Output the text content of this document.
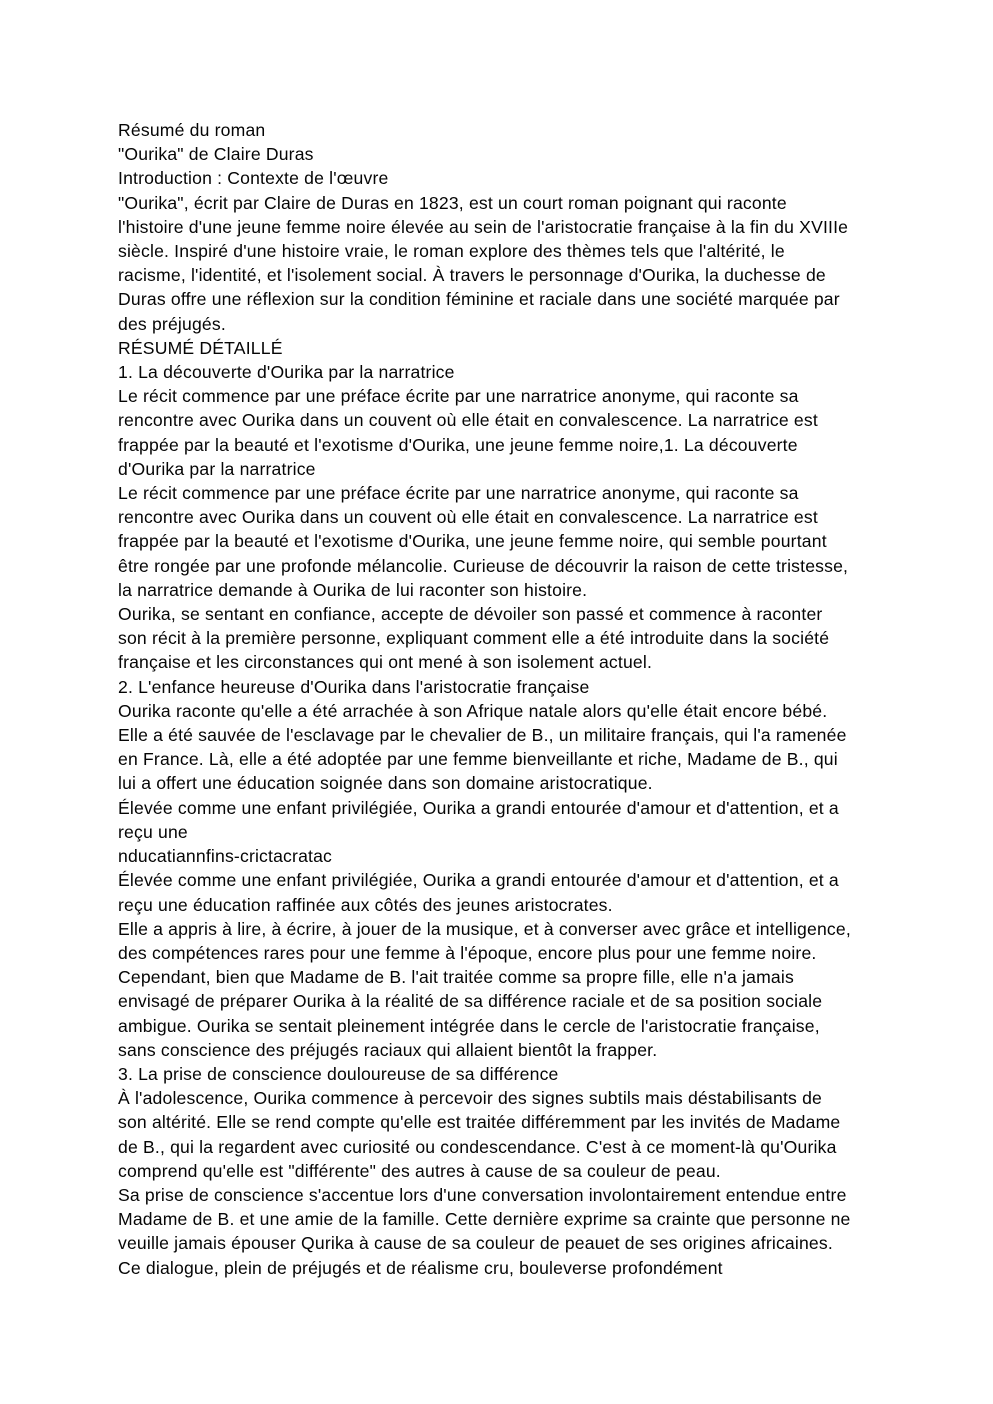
Résumé du roman
"Ourika" de Claire Duras
Introduction : Contexte de l'œuvre
"Ourika", écrit par Claire de Duras en 1823, est un court roman poignant qui raconte
l'histoire d'une jeune femme noire élevée au sein de l'aristocratie française à la fin du XVIIIe
siècle. Inspiré d'une histoire vraie, le roman explore des thèmes tels que l'altérité, le
racisme, l'identité, et l'isolement social. À travers le personnage d'Ourika, la duchesse de
Duras offre une réflexion sur la condition féminine et raciale dans une société marquée par
des préjugés.
RÉSUMÉ DÉTAILLÉ
1. La découverte d'Ourika par la narratrice
Le récit commence par une préface écrite par une narratrice anonyme, qui raconte sa
rencontre avec Ourika dans un couvent où elle était en convalescence. La narratrice est
frappée par la beauté et l'exotisme d'Ourika, une jeune femme noire,1. La découverte
d'Ourika par la narratrice
Le récit commence par une préface écrite par une narratrice anonyme, qui raconte sa
rencontre avec Ourika dans un couvent où elle était en convalescence. La narratrice est
frappée par la beauté et l'exotisme d'Ourika, une jeune femme noire, qui semble pourtant
être rongée par une profonde mélancolie. Curieuse de découvrir la raison de cette tristesse,
la narratrice demande à Ourika de lui raconter son histoire.
Ourika, se sentant en confiance, accepte de dévoiler son passé et commence à raconter
son récit à la première personne, expliquant comment elle a été introduite dans la société
française et les circonstances qui ont mené à son isolement actuel.
2. L'enfance heureuse d'Ourika dans l'aristocratie française
Ourika raconte qu'elle a été arrachée à son Afrique natale alors qu'elle était encore bébé.
Elle a été sauvée de l'esclavage par le chevalier de B., un militaire français, qui l'a ramenée
en France. Là, elle a été adoptée par une femme bienveillante et riche, Madame de B., qui
lui a offert une éducation soignée dans son domaine aristocratique.
Élevée comme une enfant privilégiée, Ourika a grandi entourée d'amour et d'attention, et a
reçu une
nducatiannfins-crictacratac
Élevée comme une enfant privilégiée, Ourika a grandi entourée d'amour et d'attention, et a
reçu une éducation raffinée aux côtés des jeunes aristocrates.
Elle a appris à lire, à écrire, à jouer de la musique, et à converser avec grâce et intelligence,
des compétences rares pour une femme à l'époque, encore plus pour une femme noire.
Cependant, bien que Madame de B. l'ait traitée comme sa propre fille, elle n'a jamais
envisagé de préparer Ourika à la réalité de sa différence raciale et de sa position sociale
ambigue. Ourika se sentait pleinement intégrée dans le cercle de l'aristocratie française,
sans conscience des préjugés raciaux qui allaient bientôt la frapper.
3. La prise de conscience douloureuse de sa différence
À l'adolescence, Ourika commence à percevoir des signes subtils mais déstabilisants de
son altérité. Elle se rend compte qu'elle est traitée différemment par les invités de Madame
de B., qui la regardent avec curiosité ou condescendance. C'est à ce moment-là qu'Ourika
comprend qu'elle est "différente" des autres à cause de sa couleur de peau.
Sa prise de conscience s'accentue lors d'une conversation involontairement entendue entre
Madame de B. et une amie de la famille. Cette dernière exprime sa crainte que personne ne
veuille jamais épouser Qurika à cause de sa couleur de peauet de ses origines africaines.
Ce dialogue, plein de préjugés et de réalisme cru, bouleverse profondément
